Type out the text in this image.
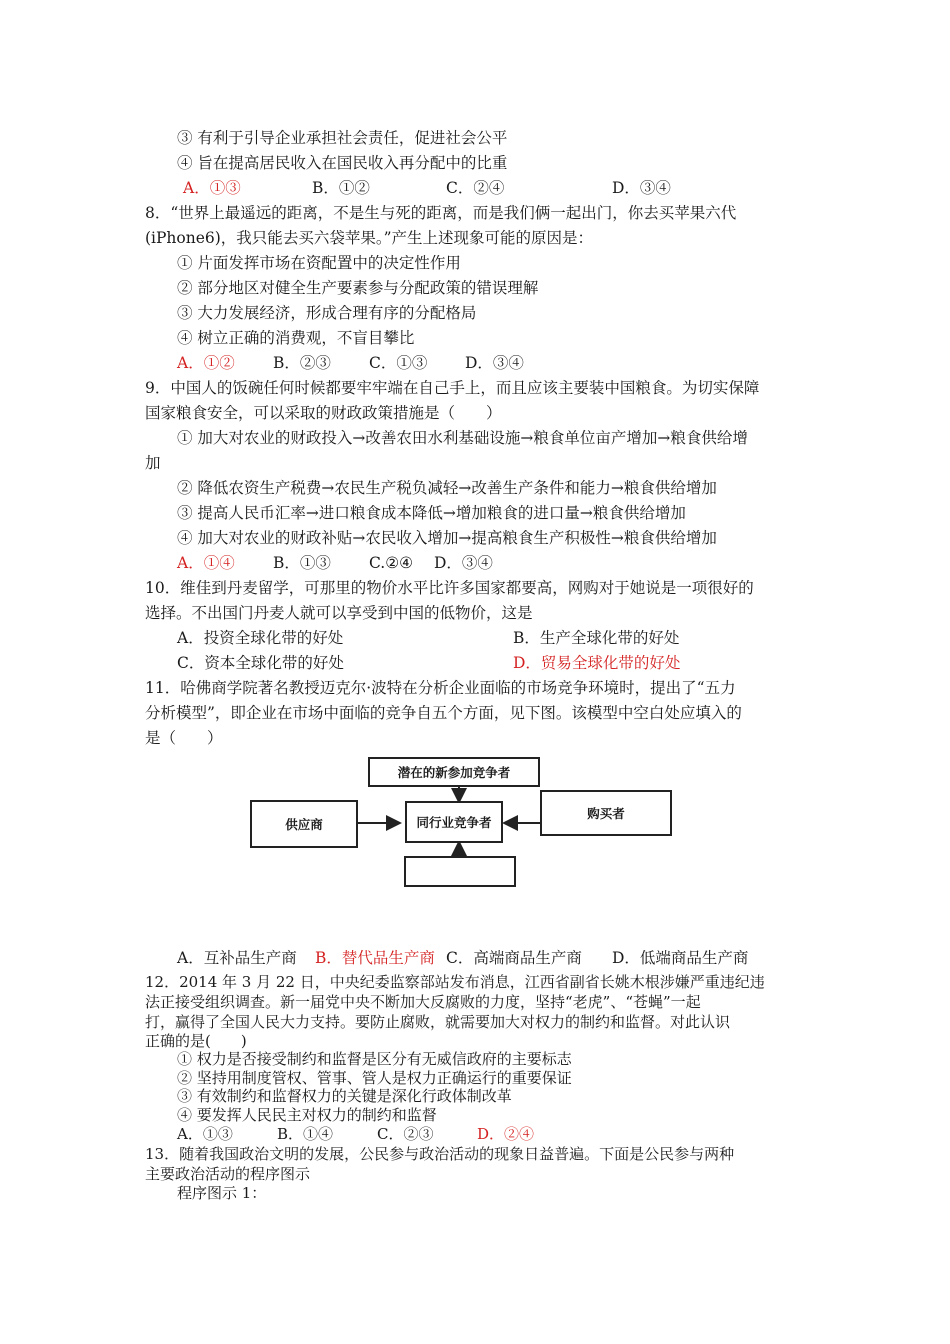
③ 有利于引导企业承担社会责任，促进社会公平
④ 旨在提高居民收入在国民收入再分配中的比重
A．①③	B．①②	C．②④	D．③④
8．“世界上最遥远的距离，不是生与死的距离，而是我们俩一起出门，你去买苹果六代
(iPhone6)，我只能去买六袋苹果。”产生上述现象可能的原因是：
① 片面发挥市场在资配置中的决定性作用
② 部分地区对健全生产要素参与分配政策的错误理解
③ 大力发展经济，形成合理有序的分配格局
④ 树立正确的消费观，不盲目攀比
A．①② B．②③ C．①③ D．③④
9．中国人的饭碗任何时候都要牢牢端在自己手上，而且应该主要装中国粮食。为切实保障
国家粮食安全，可以采取的财政政策措施是（　　）
① 加大对农业的财政投入→改善农田水利基础设施→粮食单位亩产增加→粮食供给增
加
② 降低农资生产税费→农民生产税负减轻→改善生产条件和能力→粮食供给增加
③ 提高人民币汇率→进口粮食成本降低→增加粮食的进口量→粮食供给增加
④ 加大对农业的财政补贴→农民收入增加→提高粮食生产积极性→粮食供给增加
A．①④ B．①③ C.②④ D．③④
10．维佳到丹麦留学，可那里的物价水平比许多国家都要高，网购对于她说是一项很好的
选择。不出国门丹麦人就可以享受到中国的低物价，这是
A．投资全球化带的好处	B．生产全球化带的好处
C．资本全球化带的好处	D．贸易全球化带的好处
11．哈佛商学院著名教授迈克尔·波特在分析企业面临的市场竞争环境时，提出了“五力
分析模型”，即企业在市场中面临的竞争自五个方面，见下图。该模型中空白处应填入的
是（　　）
潜在的新参加竞争者
供应商	同行业竞争者
购买者
A．互补品生产商 B．替代品生产商 C．高端商品生产商 D．低端商品生产商
12．2014 年 3 月 22 日，中央纪委监察部站发布消息，江西省副省长姚木根涉嫌严重违纪违
法正接受组织调查。新一届党中央不断加大反腐败的力度，坚持“老虎”、“苍蝇”一起
打，赢得了全国人民大力支持。要防止腐败，就需要加大对权力的制约和监督。对此认识
正确的是(　　)
① 权力是否接受制约和监督是区分有无威信政府的主要标志
② 坚持用制度管权、管事、管人是权力正确运行的重要保证
③ 有效制约和监督权力的关键是深化行政体制改革
④ 要发挥人民民主对权力的制约和监督
A．①③	B．①④	C．②③	D．②④
13．随着我国政治文明的发展，公民参与政治活动的现象日益普遍。下面是公民参与两种
主要政治活动的程序图示
程序图示 1：
